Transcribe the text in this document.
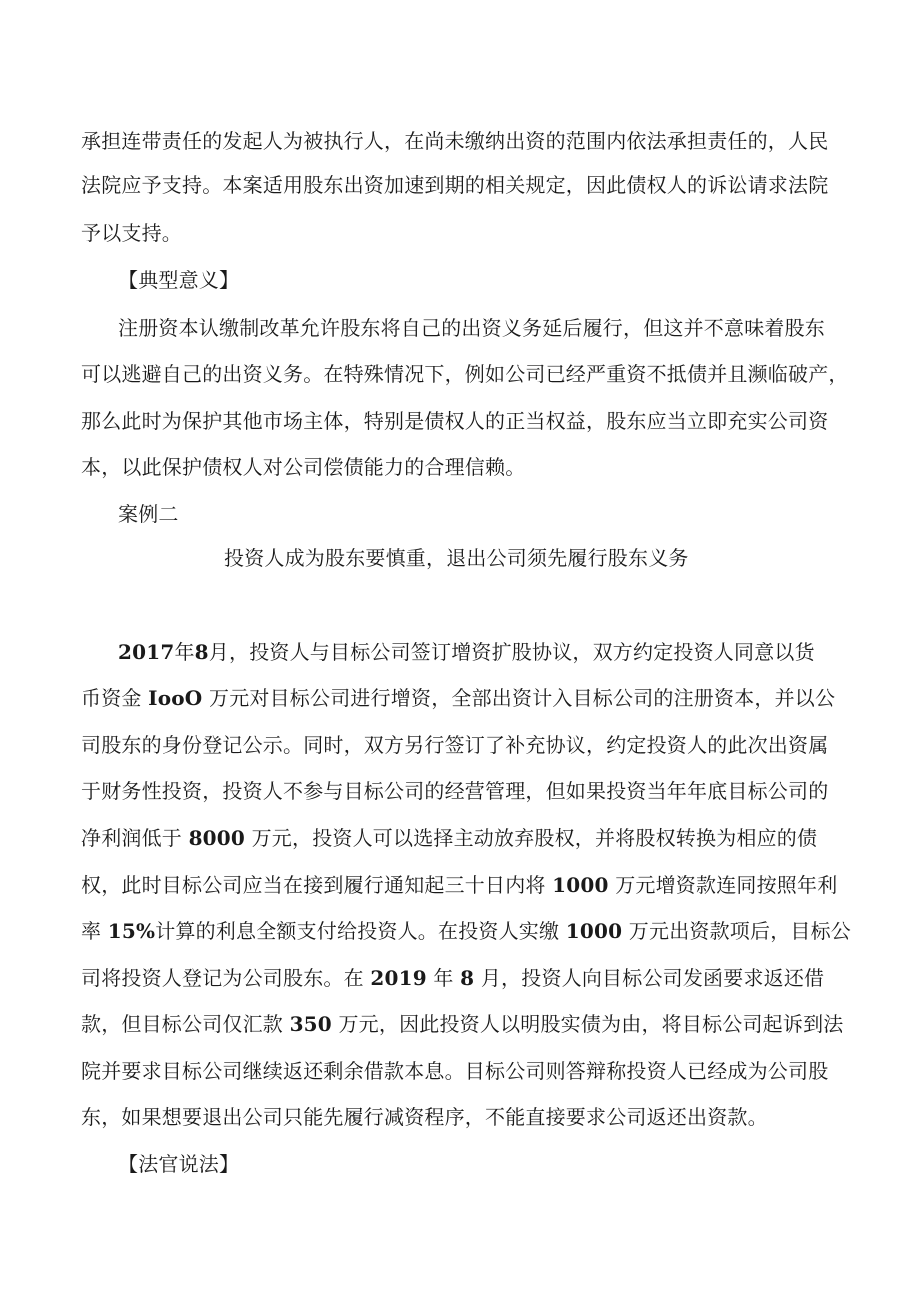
承担连带责任的发起人为被执行人，在尚未缴纳出资的范围内依法承担责任的，人民
法院应予支持。本案适用股东出资加速到期的相关规定，因此债权人的诉讼请求法院
予以支持。
【典型意义】
注册资本认缴制改革允许股东将自己的出资义务延后履行，但这并不意味着股东
可以逃避自己的出资义务。在特殊情况下，例如公司已经严重资不抵债并且濒临破产，
那么此时为保护其他市场主体，特别是债权人的正当权益，股东应当立即充实公司资
本，以此保护债权人对公司偿债能力的合理信赖。
案例二
投资人成为股东要慎重，退出公司须先履行股东义务
2017年8月，投资人与目标公司签订增资扩股协议，双方约定投资人同意以货
币资金 IooO 万元对目标公司进行增资，全部出资计入目标公司的注册资本，并以公
司股东的身份登记公示。同时，双方另行签订了补充协议，约定投资人的此次出资属
于财务性投资，投资人不参与目标公司的经营管理，但如果投资当年年底目标公司的
净利润低于 8000 万元，投资人可以选择主动放弃股权，并将股权转换为相应的债
权，此时目标公司应当在接到履行通知起三十日内将 1000 万元增资款连同按照年利
率 15%计算的利息全额支付给投资人。在投资人实缴 1000 万元出资款项后，目标公
司将投资人登记为公司股东。在 2019 年 8 月，投资人向目标公司发函要求返还借
款，但目标公司仅汇款 350 万元，因此投资人以明股实债为由，将目标公司起诉到法
院并要求目标公司继续返还剩余借款本息。目标公司则答辩称投资人已经成为公司股
东，如果想要退出公司只能先履行减资程序，不能直接要求公司返还出资款。
【法官说法】
